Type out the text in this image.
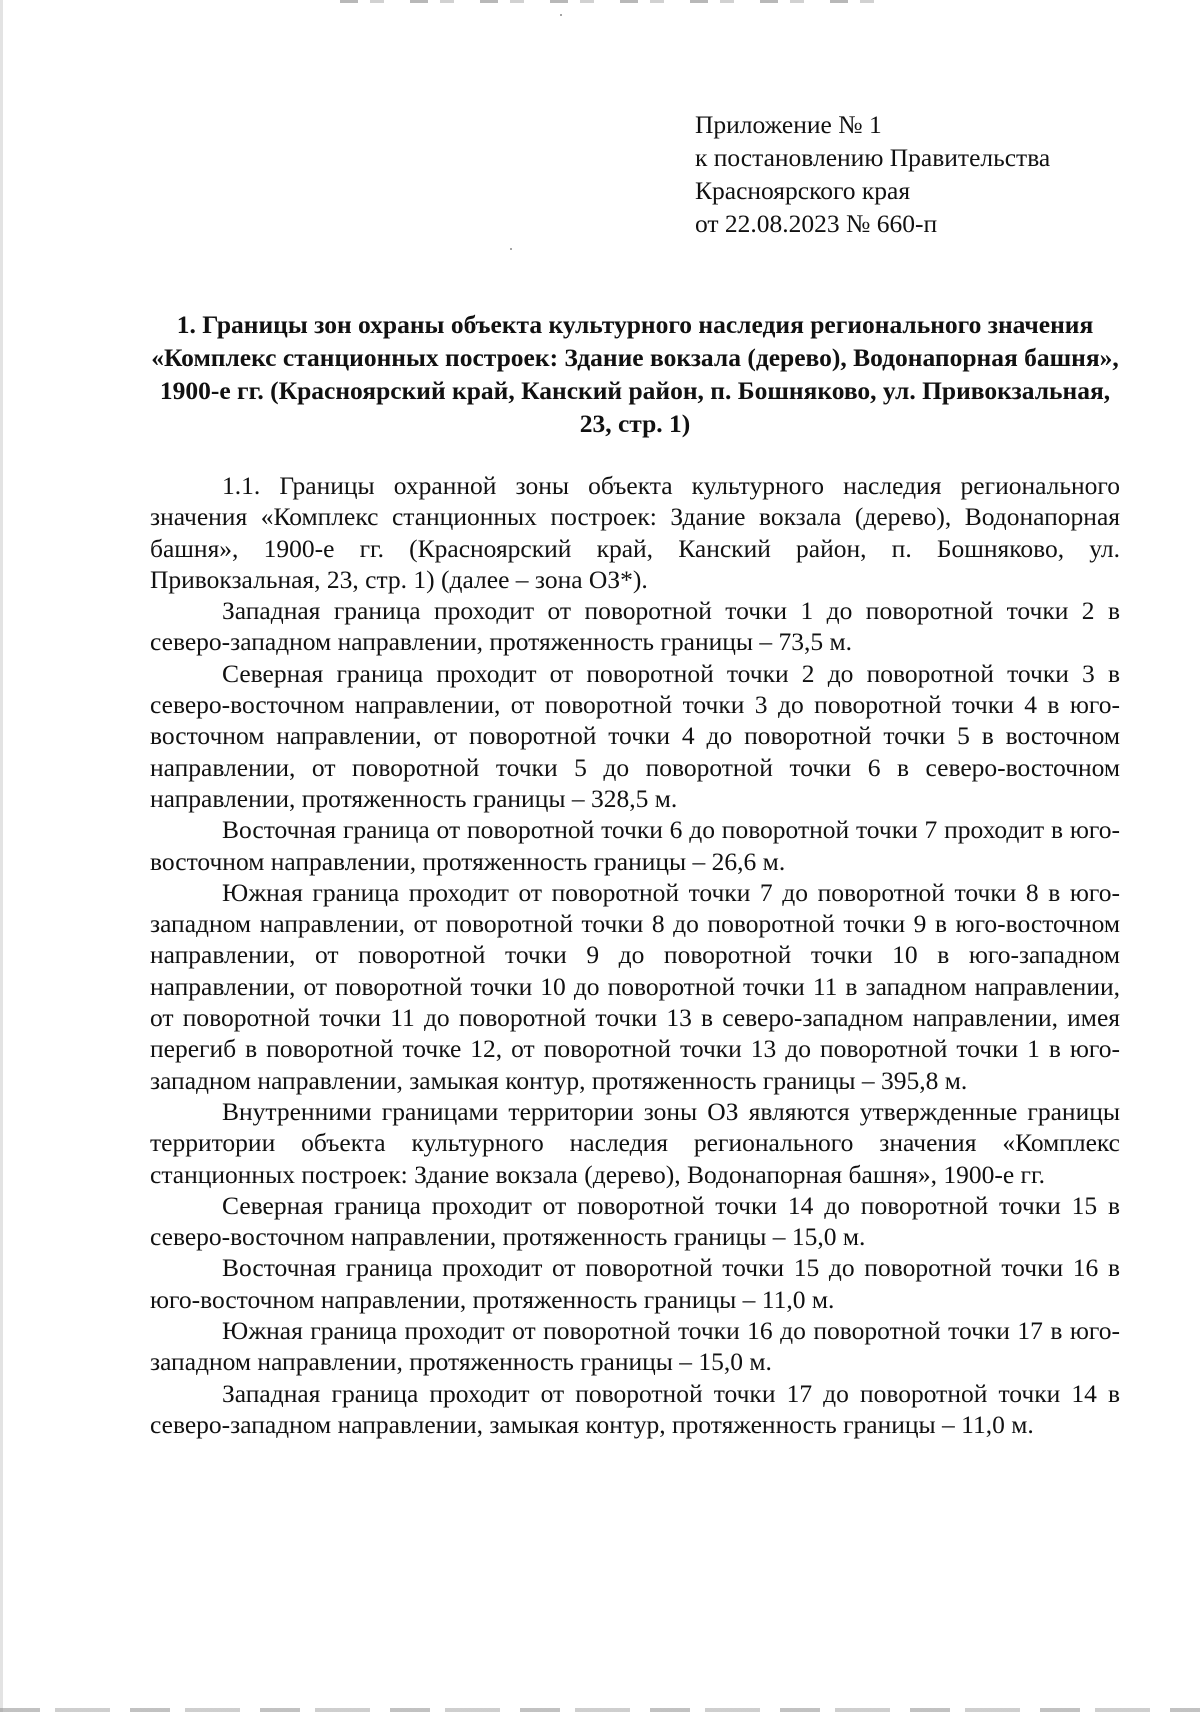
Приложение № 1
к постановлению Правительства
Красноярского края
от 22.08.2023 № 660-п
1. Границы зон охраны объекта культурного наследия регионального значения «Комплекс станционных построек: Здание вокзала (дерево), Водонапорная башня», 1900-е гг. (Красноярский край, Канский район, п. Бошняково, ул. Привокзальная, 23, стр. 1)

1.1. Границы охранной зоны объекта культурного наследия регионального значения «Комплекс станционных построек: Здание вокзала (дерево), Водонапорная башня», 1900-е гг. (Красноярский край, Канский район, п. Бошняково, ул. Привокзальная, 23, стр. 1) (далее – зона ОЗ*).

Западная граница проходит от поворотной точки 1 до поворотной точки 2 в северо-западном направлении, протяженность границы – 73,5 м.

Северная граница проходит от поворотной точки 2 до поворотной точки 3 в северо-восточном направлении, от поворотной точки 3 до поворотной точки 4 в юго-восточном направлении, от поворотной точки 4 до поворотной точки 5 в восточном направлении, от поворотной точки 5 до поворотной точки 6 в северо-восточном направлении, протяженность границы – 328,5 м.

Восточная граница от поворотной точки 6 до поворотной точки 7 проходит в юго-восточном направлении, протяженность границы – 26,6 м.

Южная граница проходит от поворотной точки 7 до поворотной точки 8 в юго-западном направлении, от поворотной точки 8 до поворотной точки 9 в юго-восточном направлении, от поворотной точки 9 до поворотной точки 10 в юго-западном направлении, от поворотной точки 10 до поворотной точки 11 в западном направлении, от поворотной точки 11 до поворотной точки 13 в северо-западном направлении, имея перегиб в поворотной точке 12, от поворотной точки 13 до поворотной точки 1 в юго-западном направлении, замыкая контур, протяженность границы – 395,8 м.

Внутренними границами территории зоны ОЗ являются утвержденные границы территории объекта культурного наследия регионального значения «Комплекс станционных построек: Здание вокзала (дерево), Водонапорная башня», 1900-е гг.

Северная граница проходит от поворотной точки 14 до поворотной точки 15 в северо-восточном направлении, протяженность границы – 15,0 м.

Восточная граница проходит от поворотной точки 15 до поворотной точки 16 в юго-восточном направлении, протяженность границы – 11,0 м.

Южная граница проходит от поворотной точки 16 до поворотной точки 17 в юго-западном направлении, протяженность границы – 15,0 м.

Западная граница проходит от поворотной точки 17 до поворотной точки 14 в северо-западном направлении, замыкая контур, протяженность границы – 11,0 м.
